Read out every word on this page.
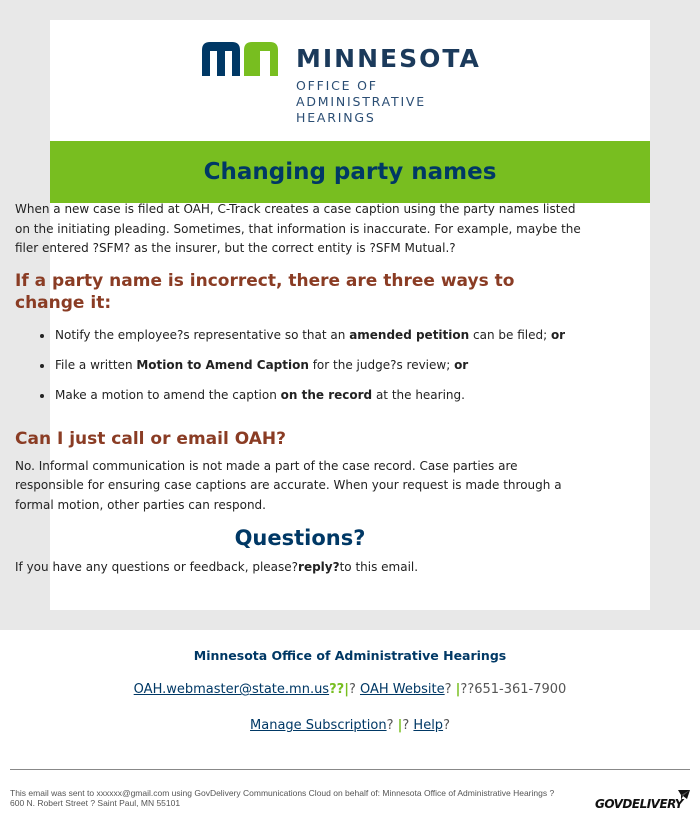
MINNESOTA
OFFICE OF
ADMINISTRATIVE
HEARINGS
Changing party names

When a new case is filed at OAH, C-Track creates a case caption using the party names listed on the initiating pleading. Sometimes, that information is inaccurate. For example, maybe the filer entered ?SFM? as the insurer, but the correct entity is ?SFM Mutual.?

If a party name is incorrect, there are three ways to change it:
Notify the employee?s representative so that an amended petition can be filed; or
File a written Motion to Amend Caption for the judge?s review; or
Make a motion to amend the caption on the record at the hearing.
Can I just call or email OAH?

No. Informal communication is not made a part of the case record. Case parties are responsible for ensuring case captions are accurate. When your request is made through a formal motion, other parties can respond.

Questions?

If you have any questions or feedback, please?reply?to this email.

Minnesota Office of Administrative Hearings
OAH.webmaster@state.mn.us??|? OAH Website? |??651-361-7900
Manage Subscription? |? Help?
This email was sent to xxxxxx@gmail.com using GovDelivery Communications Cloud on behalf of: Minnesota Office of Administrative Hearings ? 600 N. Robert Street ? Saint Paul, MN 55101	GOVDELIVERY
